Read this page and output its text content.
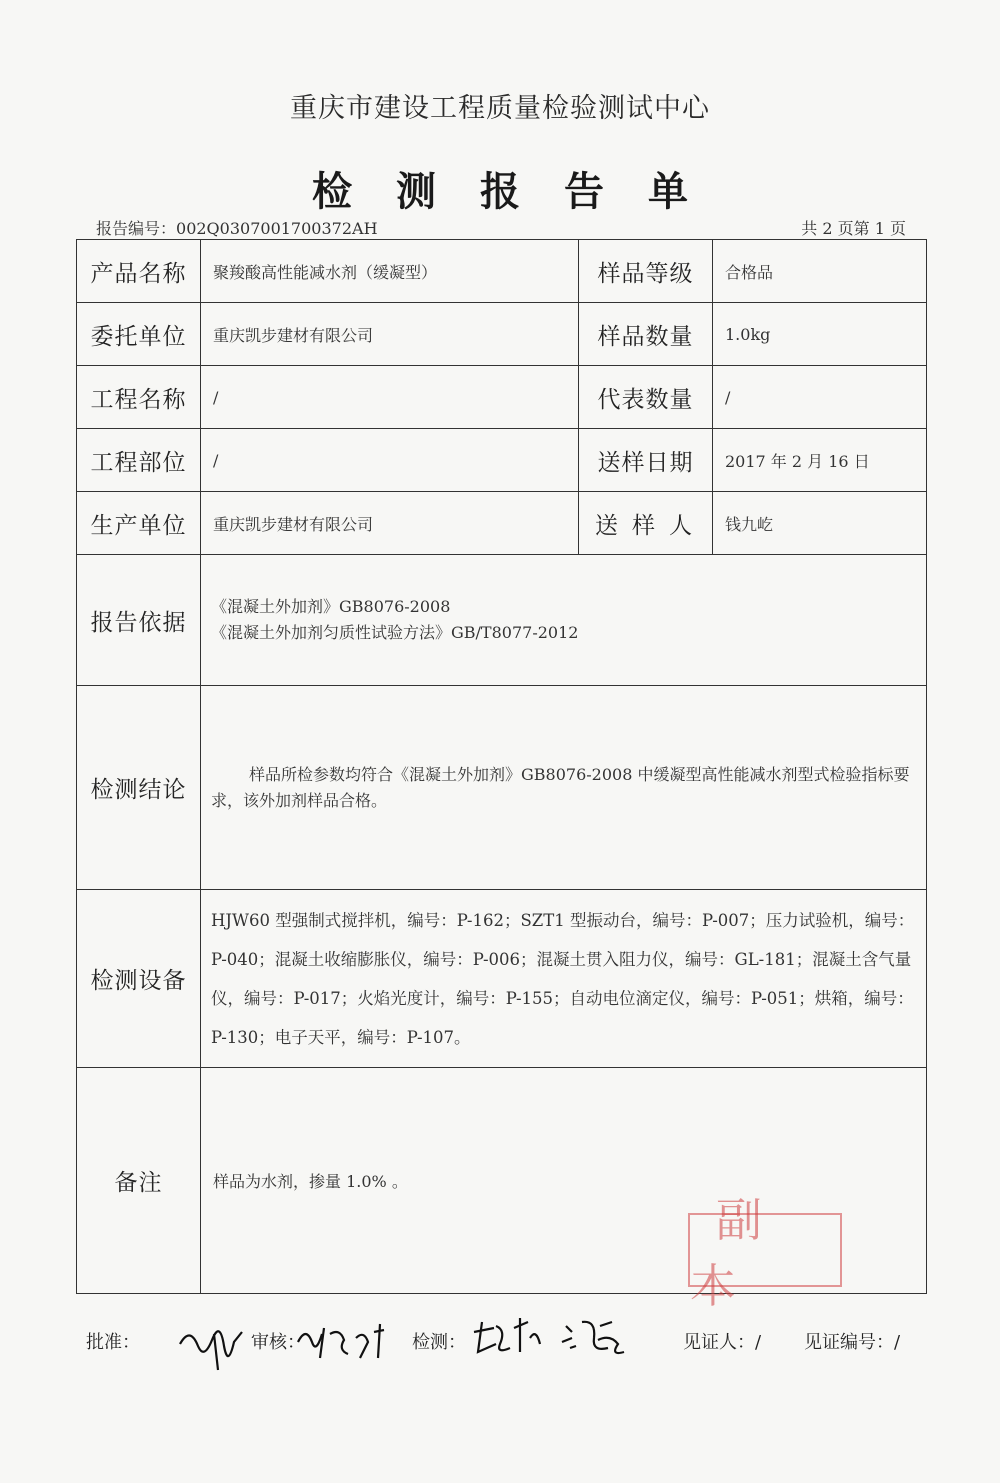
重庆市建设工程质量检验测试中心
检测报告单
报告编号：002Q0307001700372AH	共 2 页第 1 页
产品名称	聚羧酸高性能减水剂（缓凝型）	样品等级	合格品
委托单位	重庆凯步建材有限公司	样品数量	1.0kg
工程名称	/	代表数量	/
工程部位	/	送样日期	2017 年 2 月 16 日
生产单位	重庆凯步建材有限公司	送样人	钱九屹
报告依据	《混凝土外加剂》GB8076-2008
《混凝土外加剂匀质性试验方法》GB/T8077-2012		

检测结论	样品所检参数均符合《混凝土外加剂》GB8076-2008 中缓凝型高性能减水剂型式检验指标要求，该外加剂样品合格。		
检测设备	HJW60 型强制式搅拌机，编号：P-162；SZT1 型振动台，编号：P-007；压力试验机，编号：P-040；混凝土收缩膨胀仪，编号：P-006；混凝土贯入阻力仪，编号：GL-181；混凝土含气量仪，编号：P-017；火焰光度计，编号：P-155；自动电位滴定仪，编号：P-051；烘箱，编号：P-130；电子天平，编号：P-107。		
备注	样品为水剂，掺量 1.0% 。		
副本
批准：	审核：	检测：	见证人：/ 见证编号：/
